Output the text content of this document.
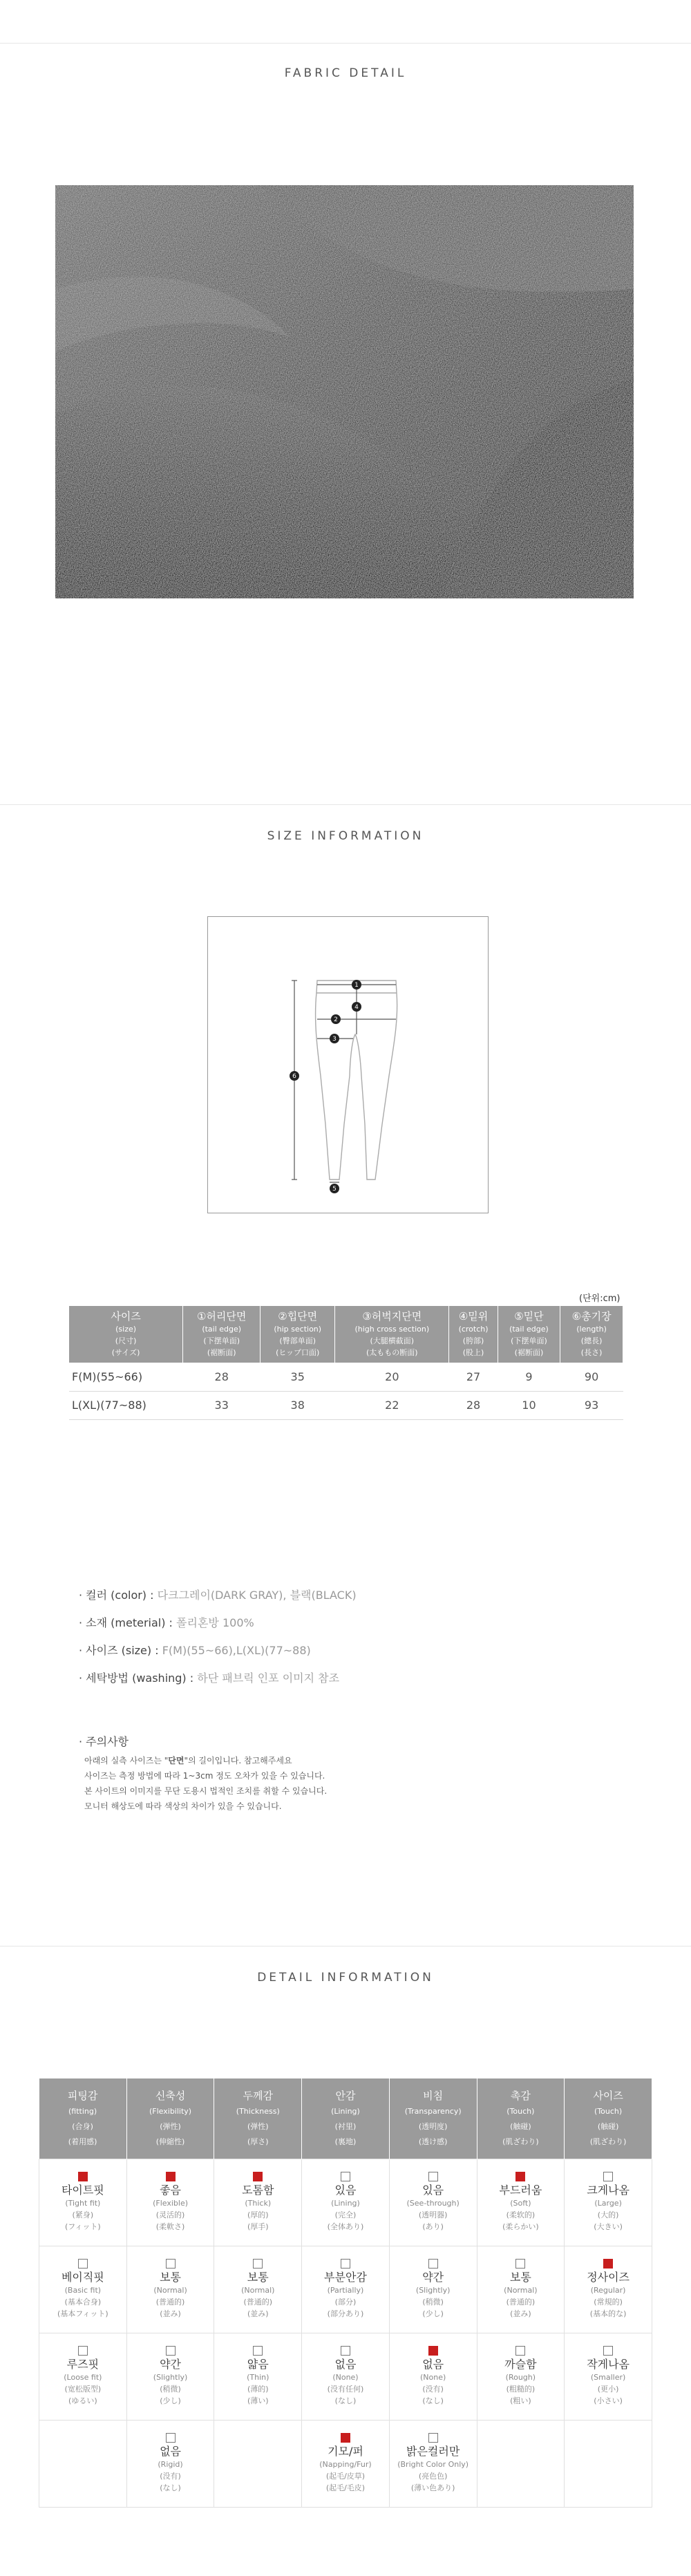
FABRIC DETAIL
SIZE INFORMATION
1
2
3
4
5
6
(단위:cm)
사이즈
(size)
(尺寸)
(サイズ)	①허리단면
(tail edge)
(下摆单面)
(裾断面)	②힙단면
(hip section)
(臀部单面)
(ヒップ口面)	③허벅지단면
(high cross section)
(大腿横截面)
(太ももの断面)	④밑위
(crotch)
(胯部)
(股上)	⑤밑단
(tail edge)
(下摆单面)
(裾断面)	⑥총기장
(length)
(總長)
(長さ)

F(M)(55~66)	28	35	20	27	9	90
L(XL)(77~88)	33	38	22	28	10	93
· 컬러 (color) : 다크그레이(DARK GRAY), 블랙(BLACK)
· 소재 (meterial) : 폴리혼방 100%
· 사이즈 (size) : F(M)(55~66),L(XL)(77~88)
· 세탁방법 (washing) : 하단 패브릭 인포 이미지 참조
· 주의사항
아래의 실측 사이즈는 "단면"의 길이입니다. 참고해주세요
사이즈는 측정 방법에 따라 1~3cm 정도 오차가 있을 수 있습니다.
본 사이트의 이미지를 무단 도용시 법적인 조치를 취할 수 있습니다.
모니터 해상도에 따라 색상의 차이가 있을 수 있습니다.
DETAIL INFORMATION
피팅감
(fitting)
(合身)
(着用感)	신축성
(Flexibility)
(弹性)
(伸縮性)	두께감
(Thickness)
(弹性)
(厚さ)	안감
(Lining)
(衬里)
(裏地)	비침
(Transparency)
(透明度)
(透け感)	촉감
(Touch)
(触碰)
(肌ざわり)	사이즈
(Touch)
(触碰)
(肌ざわり)

타이트핏
(Tight fit)
(紧身)
(フィット)	좋음
(Flexible)
(灵活的)
(柔軟さ)	도톰함
(Thick)
(厚的)
(厚手)	있음
(Lining)
(完全)
(全体あり)	있음
(See-through)
(透明器)
(あり)	부드러움
(Soft)
(柔软的)
(柔らかい)	크게나옴
(Large)
(大的)
(大きい)

베이직핏
(Basic fit)
(基本合身)
(基本フィット)	보통
(Normal)
(普通的)
(並み)	보통
(Normal)
(普通的)
(並み)	부분안감
(Partially)
(部分)
(部分あり)	약간
(Slightly)
(稍微)
(少し)	보통
(Normal)
(普通的)
(並み)	정사이즈
(Regular)
(常規的)
(基本的な)

루즈핏
(Loose fit)
(宽松版型)
(ゆるい)	약간
(Slightly)
(稍微)
(少し)	얇음
(Thin)
(薄的)
(薄い)	없음
(None)
(没有任何)
(なし)	없음
(None)
(没有)
(なし)	까슬함
(Rough)
(粗糙的)
(粗い)	작게나옴
(Smaller)
(更小)
(小さい)

	없음
(Rigid)
(没有)
(なし)		기모/퍼
(Napping/Fur)
(起毛/皮草)
(起毛/毛皮)	밝은컬러만
(Bright Color Only)
(亮色色)
(薄い色あり)		
